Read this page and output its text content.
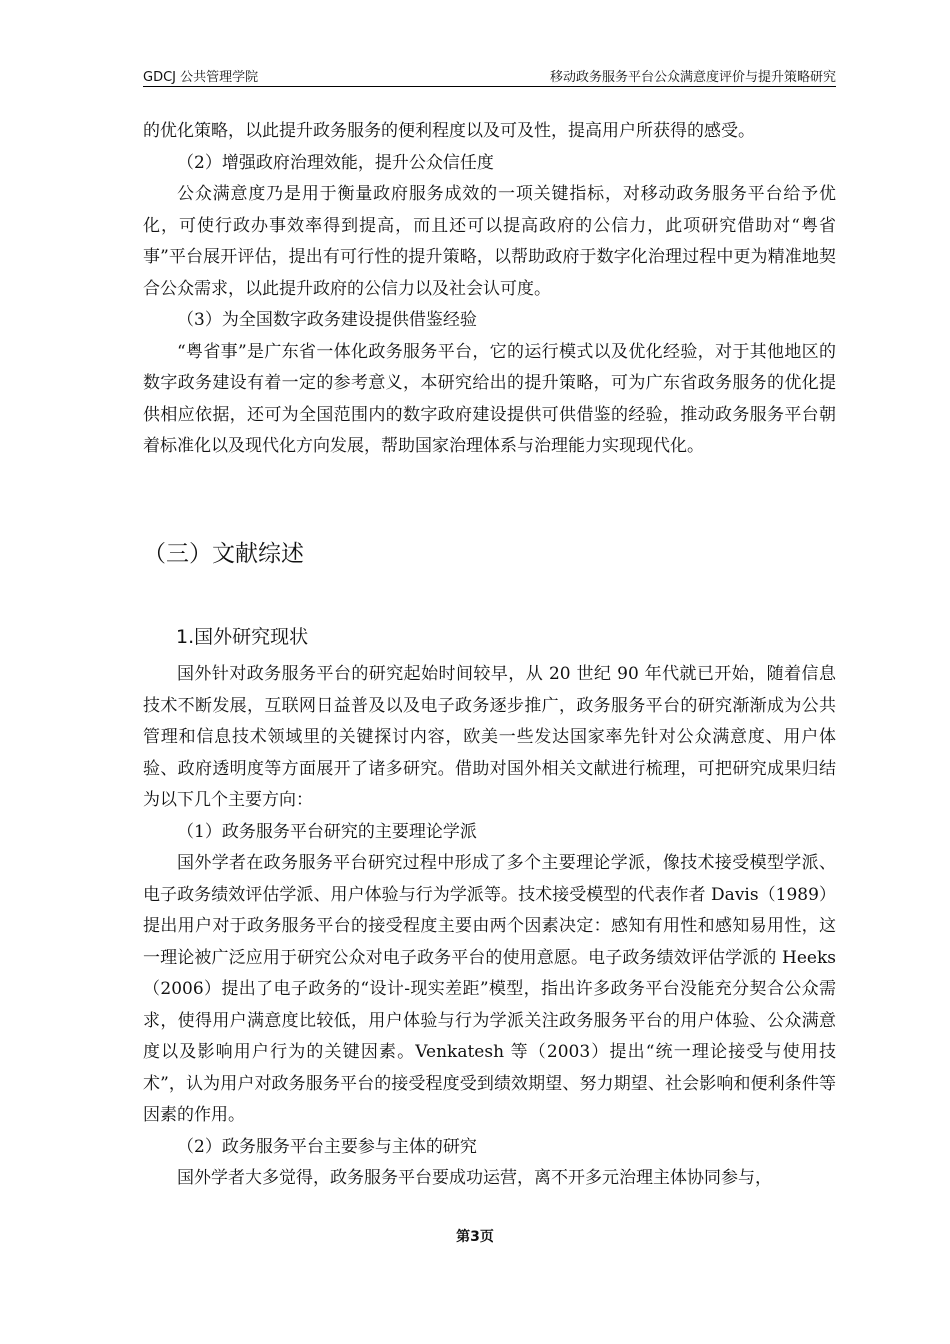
GDCJ 公共管理学院	移动政务服务平台公众满意度评价与提升策略研究

的优化策略，以此提升政务服务的便利程度以及可及性，提高用户所获得的感受。

（2）增强政府治理效能，提升公众信任度

公众满意度乃是用于衡量政府服务成效的一项关键指标，对移动政务服务平台给予优化，可使行政办事效率得到提高，而且还可以提高政府的公信力，此项研究借助对“粤省事”平台展开评估，提出有可行性的提升策略，以帮助政府于数字化治理过程中更为精准地契合公众需求，以此提升政府的公信力以及社会认可度。

（3）为全国数字政务建设提供借鉴经验

“粤省事”是广东省一体化政务服务平台，它的运行模式以及优化经验，对于其他地区的数字政务建设有着一定的参考意义，本研究给出的提升策略，可为广东省政务服务的优化提供相应依据，还可为全国范围内的数字政府建设提供可供借鉴的经验，推动政务服务平台朝着标准化以及现代化方向发展，帮助国家治理体系与治理能力实现现代化。

（三）文献综述
1.国外研究现状

国外针对政务服务平台的研究起始时间较早，从 20 世纪 90 年代就已开始，随着信息技术不断发展，互联网日益普及以及电子政务逐步推广，政务服务平台的研究渐渐成为公共管理和信息技术领域里的关键探讨内容，欧美一些发达国家率先针对公众满意度、用户体验、政府透明度等方面展开了诸多研究。借助对国外相关文献进行梳理，可把研究成果归结为以下几个主要方向：

（1）政务服务平台研究的主要理论学派

国外学者在政务服务平台研究过程中形成了多个主要理论学派，像技术接受模型学派、电子政务绩效评估学派、用户体验与行为学派等。技术接受模型的代表作者 Davis（1989）提出用户对于政务服务平台的接受程度主要由两个因素决定：感知有用性和感知易用性，这一理论被广泛应用于研究公众对电子政务平台的使用意愿。电子政务绩效评估学派的 Heeks（2006）提出了电子政务的“设计-现实差距”模型，指出许多政务平台没能充分契合公众需求，使得用户满意度比较低，用户体验与行为学派关注政务服务平台的用户体验、公众满意度以及影响用户行为的关键因素。Venkatesh 等（2003）提出“统一理论接受与使用技术”，认为用户对政务服务平台的接受程度受到绩效期望、努力期望、社会影响和便利条件等因素的作用。

（2）政务服务平台主要参与主体的研究

国外学者大多觉得，政务服务平台要成功运营，离不开多元治理主体协同参与，

第3页
